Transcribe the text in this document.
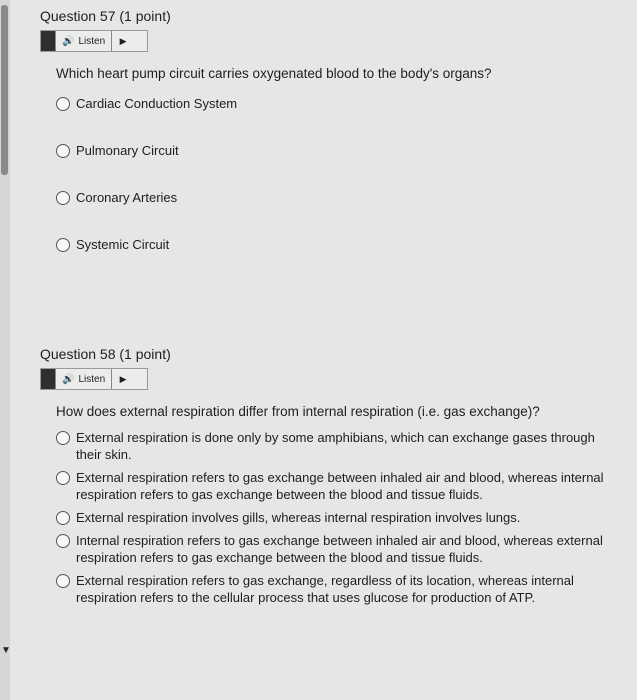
▼
Question 57 (1 point)
🔊 Listen	▶
Which heart pump circuit carries oxygenated blood to the body's organs?
Cardiac Conduction System
Pulmonary Circuit
Coronary Arteries
Systemic Circuit
Question 58 (1 point)
🔊 Listen	▶
How does external respiration differ from internal respiration (i.e. gas exchange)?
External respiration is done only by some amphibians, which can exchange gases through their skin.
External respiration refers to gas exchange between inhaled air and blood, whereas internal respiration refers to gas exchange between the blood and tissue fluids.
External respiration involves gills, whereas internal respiration involves lungs.
Internal respiration refers to gas exchange between inhaled air and blood, whereas external respiration refers to gas exchange between the blood and tissue fluids.
External respiration refers to gas exchange, regardless of its location, whereas internal respiration refers to the cellular process that uses glucose for production of ATP.
